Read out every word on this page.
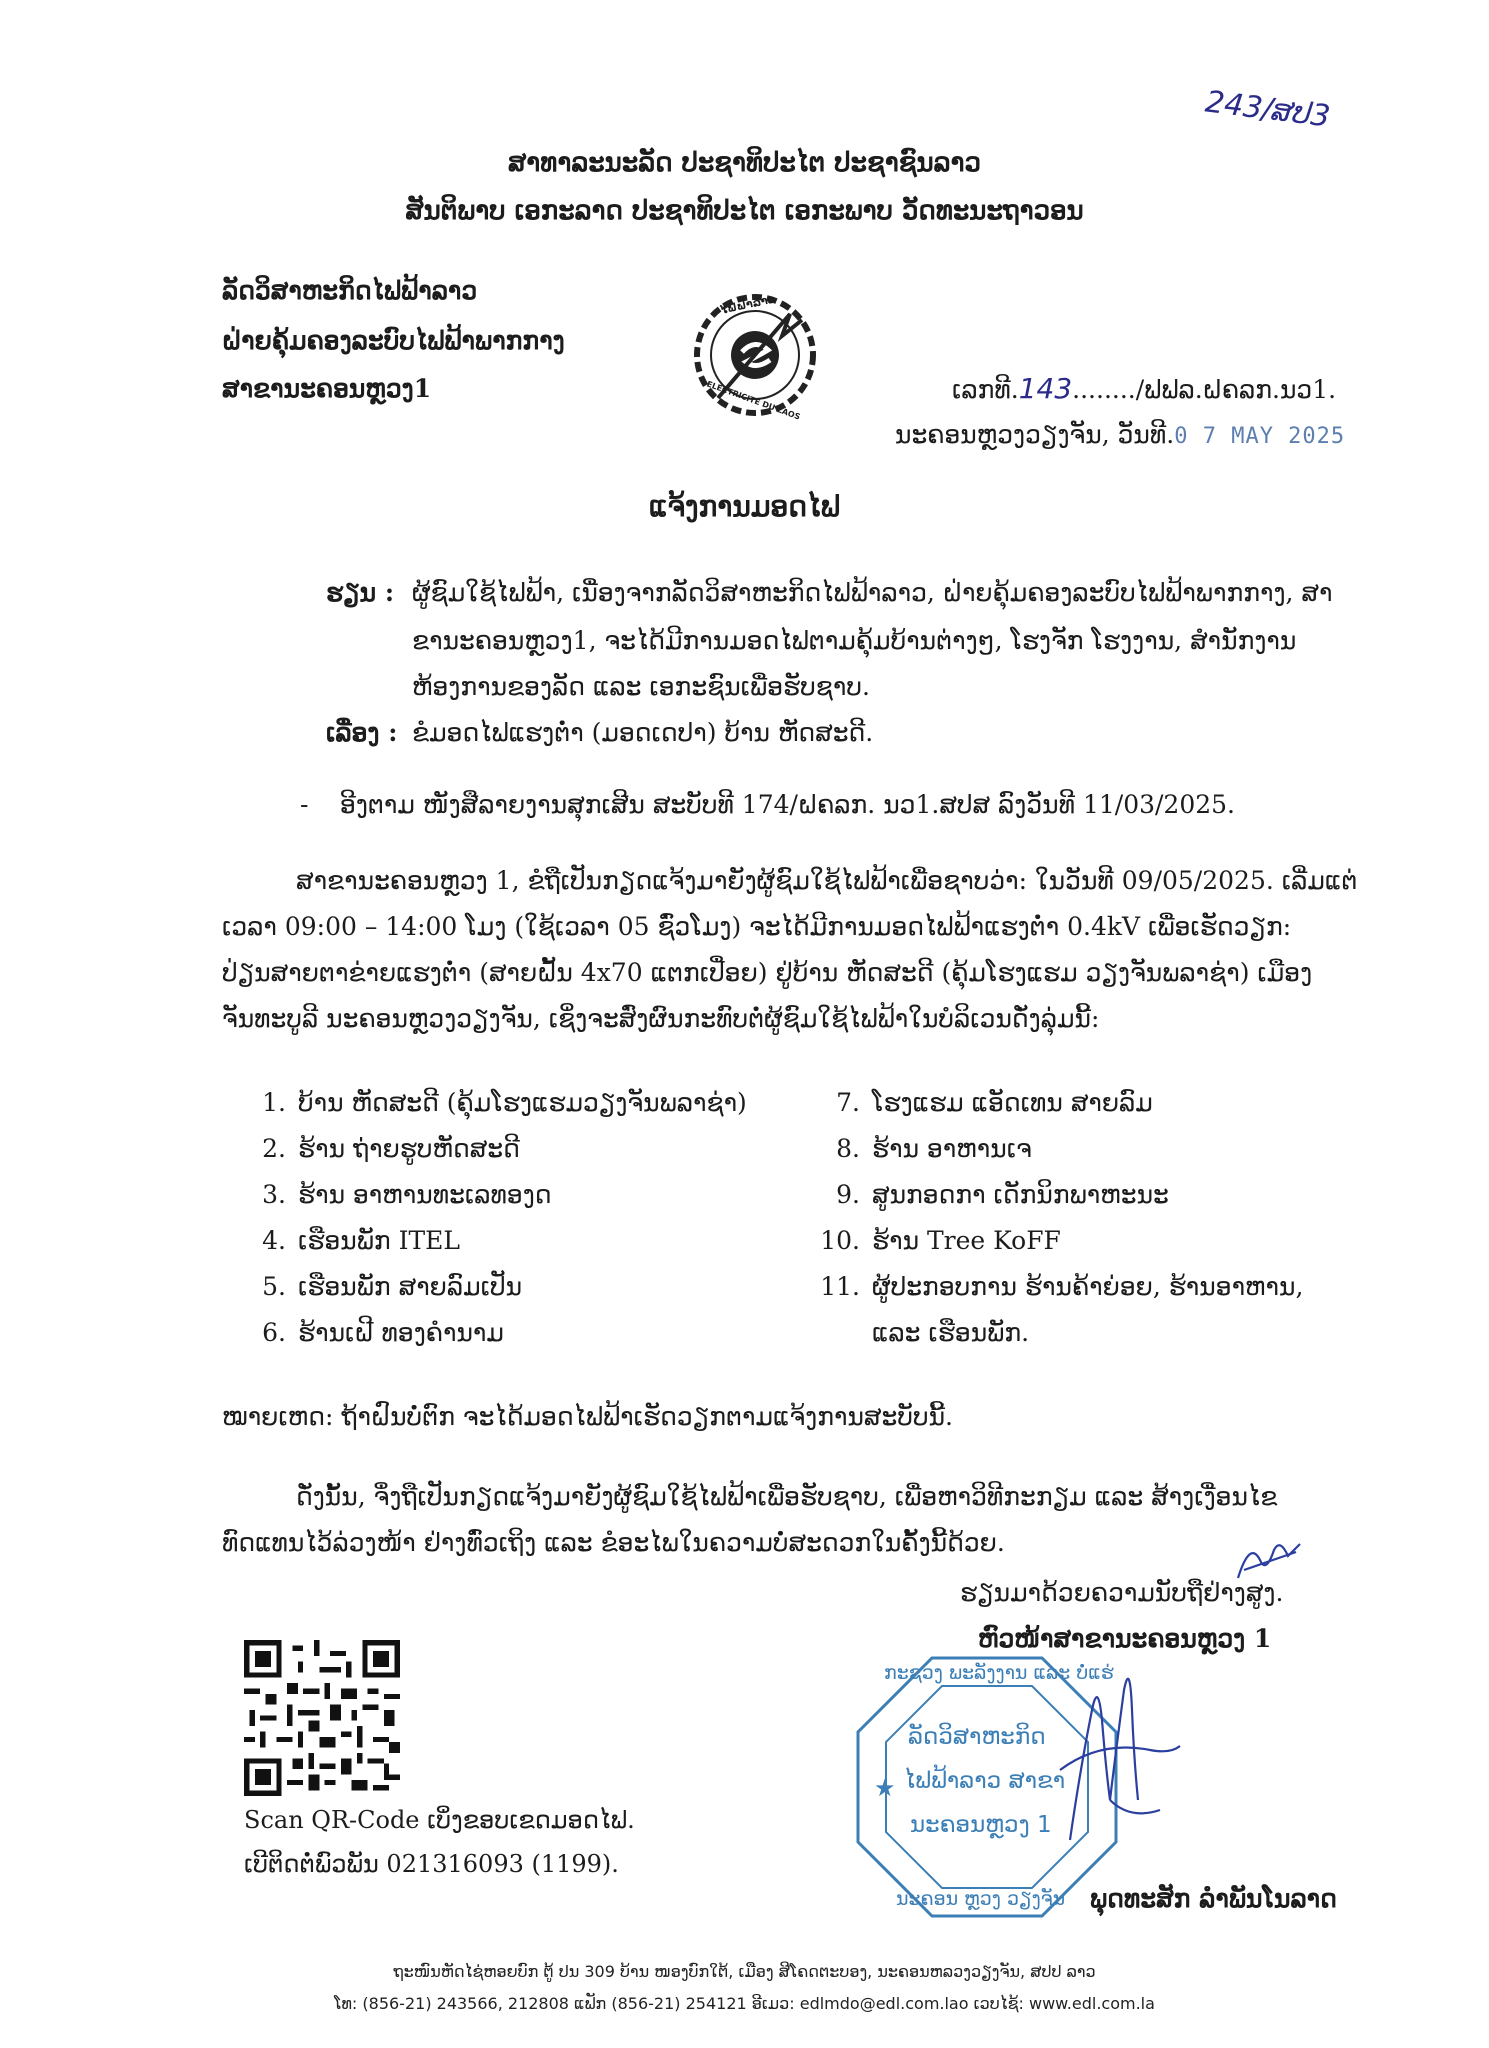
243/ສປ3
ສາທາລະນະລັດ ປະຊາທິປະໄຕ ປະຊາຊົນລາວ
ສັນຕິພາບ ເອກະລາດ ປະຊາທິປະໄຕ ເອກະພາບ ວັດທະນະຖາວອນ
ລັດວິສາຫະກິດໄຟຟ້າລາວ
ຝ່າຍຄຸ້ມຄອງລະບົບໄຟຟ້າພາກກາງ
ສາຂານະຄອນຫຼວງ1
ໄຟຟ້າລາວ
ELECTRICITE DU LAOS	ເລກທີ.143......../ຟຟລ.ຝຄລກ.ນວ1.
ນະຄອນຫຼວງວຽງຈັນ, ວັນທີ.0 7 MAY 2025
ແຈ້ງການມອດໄຟ
ຮຽນ : ຜູ້ຊົມໃຊ້ໄຟຟ້າ, ເນື່ອງຈາກລັດວິສາຫະກິດໄຟຟ້າລາວ, ຝ່າຍຄຸ້ມຄອງລະບົບໄຟຟ້າພາກກາງ, ສາ
ຂານະຄອນຫຼວງ1, ຈະໄດ້ມີການມອດໄຟຕາມຄຸ້ມບ້ານຕ່າງໆ, ໂຮງຈັກ ໂຮງງານ, ສຳນັກງານ
ຫ້ອງການຂອງລັດ ແລະ ເອກະຊົນເພື່ອຮັບຊາບ.
ເລື່ອງ : ຂໍມອດໄຟແຮງຕ່ຳ (ມອດເດປາ) ບ້ານ ຫັດສະດີ.
- ອີງຕາມ ໜັງສືລາຍງານສຸກເສີນ ສະບັບທີ 174/ຝຄລກ. ນວ1.ສປສ ລົງວັນທີ 11/03/2025.
ສາຂານະຄອນຫຼວງ 1, ຂໍຖືເປັນກຽດແຈ້ງມາຍັງຜູ້ຊົມໃຊ້ໄຟຟ້າເພື່ອຊາບວ່າ: ໃນວັນທີ 09/05/2025. ເລີ່ມແຕ່
ເວລາ 09:00 – 14:00 ໂມງ (ໃຊ້ເວລາ 05 ຊົ່ວໂມງ) ຈະໄດ້ມີການມອດໄຟຟ້າແຮງຕ່ຳ 0.4kV ເພື່ອເຮັດວຽກ:
ປ່ຽນສາຍຕາຂ່າຍແຮງຕ່ຳ (ສາຍຝັ້ນ 4x70 ແຕກເປື່ອຍ) ຢູ່ບ້ານ ຫັດສະດີ (ຄຸ້ມໂຮງແຮມ ວຽງຈັນພລາຊ່າ) ເມືອງ
ຈັນທະບູລີ ນະຄອນຫຼວງວຽງຈັນ, ເຊິ່ງຈະສົ່ງຜົນກະທົບຕໍ່ຜູ້ຊົມໃຊ້ໄຟຟ້າໃນບໍລິເວນດັ່ງລຸ່ມນີ້:
1. ບ້ານ ຫັດສະດີ (ຄຸ້ມໂຮງແຮມວຽງຈັນພລາຊ່າ)
2. ຮ້ານ ຖ່າຍຮູບຫັດສະດີ
3. ຮ້ານ ອາຫານທະເລທອງດ
4. ເຮືອນພັກ ITEL
5. ເຮືອນພັກ ສາຍລົມເປັນ
6. ຮ້ານເຝີ ທອງຄຳນາມ
7. ໂຮງແຮມ ແອັດເທນ ສາຍລົມ
8. ຮ້ານ ອາຫານເຈ
9. ສູນກອດກາ ເດັກນິກພາຫະນະ
10. ຮ້ານ Tree KoFF
11. ຜູ້ປະກອບການ ຮ້ານຄ້າຍ່ອຍ, ຮ້ານອາຫານ,
ແລະ ເຮືອນພັກ.
ໝາຍເຫດ: ຖ້າຝົນບໍ່ຕົກ ຈະໄດ້ມອດໄຟຟ້າເຮັດວຽກຕາມແຈ້ງການສະບັບນີ້.
ດັ່ງນັ້ນ, ຈຶ່ງຖືເປັນກຽດແຈ້ງມາຍັງຜູ້ຊົມໃຊ້ໄຟຟ້າເພື່ອຮັບຊາບ, ເພື່ອຫາວິທີກະກຽມ ແລະ ສ້າງເງື່ອນໄຂ
ທົດແທນໄວ້ລ່ວງໜ້າ ຢ່າງທົ່ວເຖິງ ແລະ ຂໍອະໄພໃນຄວາມບໍ່ສະດວກໃນຄັ້ງນີ້ດ້ວຍ.
ຮຽນມາດ້ວຍຄວາມນັບຖືຢ່າງສູງ.
ຫົວໜ້າສາຂານະຄອນຫຼວງ 1
Scan QR-Code ເບິ່ງຂອບເຂດມອດໄຟ.
ເບີຕິດຕໍ່ພົວພັນ 021316093 (1199).
★
ກະຊວງ ພະລັງງານ ແລະ ບໍ່ແຮ່
ລັດວິສາຫະກິດ
ໄຟຟ້າລາວ ສາຂາ
ນະຄອນຫຼວງ 1
ນະຄອນ ຫຼວງ ວຽງຈັນ ພຸດທະສັກ ລຳພັນໂນລາດ
ຖະໜົນຫັດໄຊ່ຫອຍບົກ ຕູ້ ປນ 309 ບ້ານ ໜອງບົກໃຕ້, ເມືອງ ສີໂຄດຕະບອງ, ນະຄອນຫລວງວຽງຈັນ, ສປປ ລາວ
ໂທ: (856-21) 243566, 212808 ແຟັກ (856-21) 254121 ອີເມວ: edlmdo@edl.com.lao ເວບໄຊ້: www.edl.com.la
